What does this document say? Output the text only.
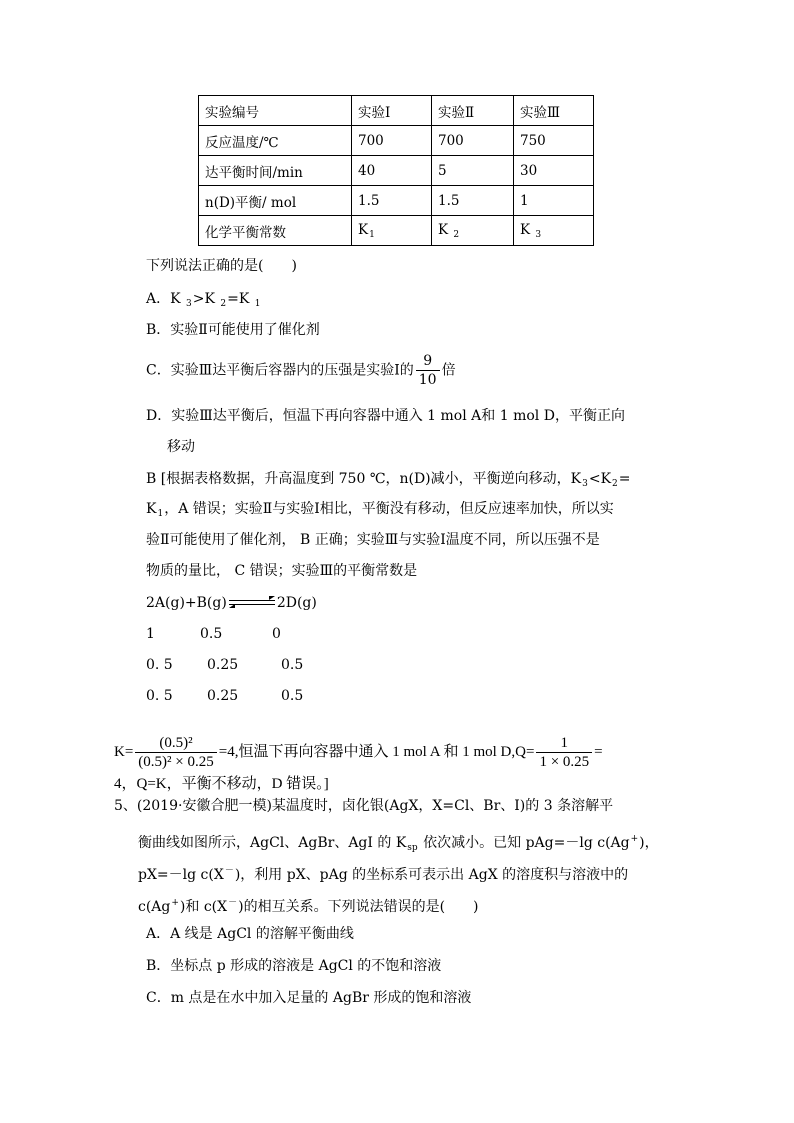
实验编号	实验Ⅰ	实验Ⅱ	实验Ⅲ
反应温度/℃	700	700	750
达平衡时间/min	40	5	30
n(D)平衡/ mol	1.5	1.5	1
化学平衡常数	$K_1$	K $_2$	K $_3$
下列说法正确的是(　　)
A．K $_3$>K $_2$=K $_1$
B．实验Ⅱ可能使用了催化剂
C．实验Ⅲ达平衡后容器内的压强是实验Ⅰ的 $\frac{9}{10}$ 倍
D．实验Ⅲ达平衡后，恒温下再向容器中通入 1 mol A和 1 mol D，平衡正向
移动
B [根据表格数据，升高温度到 750 ℃，n(D)减小，平衡逆向移动，$K_3<K_2=$
$K_1$，A 错误；实验Ⅱ与实验Ⅰ相比，平衡没有移动，但反应速率加快，所以实
验Ⅱ可能使用了催化剂， B 正确；实验Ⅲ与实验Ⅰ温度不同，所以压强不是
物质的量比， C 错误；实验Ⅲ的平衡常数是
2A(g)+B(g)	2D(g)
1	0.5	0
0. 5 0.25	0.5
0. 5 0.25	0.5
$K= \frac{\text{(0.5)²}}{\text{(0.5)² × 0.25}} =4$,恒温下再向容器中通入 1 mol A 和 1 mol $D,Q= \frac{1}{1 \times 0.25}$ =
4，Q=K，平衡不移动，D 错误。]
5、(2019·安徽合肥一模)某温度时，卤化银(AgX，X=Cl、Br、I)的 3 条溶解平
衡曲线如图所示，AgCl、AgBr、AgI 的 $K_{sp}$ 依次减小。已知 pAg=－lg c(Ag+)，
pX=－lg c(X－)，利用 pX、pAg 的坐标系可表示出 AgX 的溶度积与溶液中的
c(Ag+)和 c(X－)的相互关系。下列说法错误的是(　　)
A．A 线是 AgCl 的溶解平衡曲线
B．坐标点 p 形成的溶液是 AgCl 的不饱和溶液
C．m 点是在水中加入足量的 AgBr 形成的饱和溶液
